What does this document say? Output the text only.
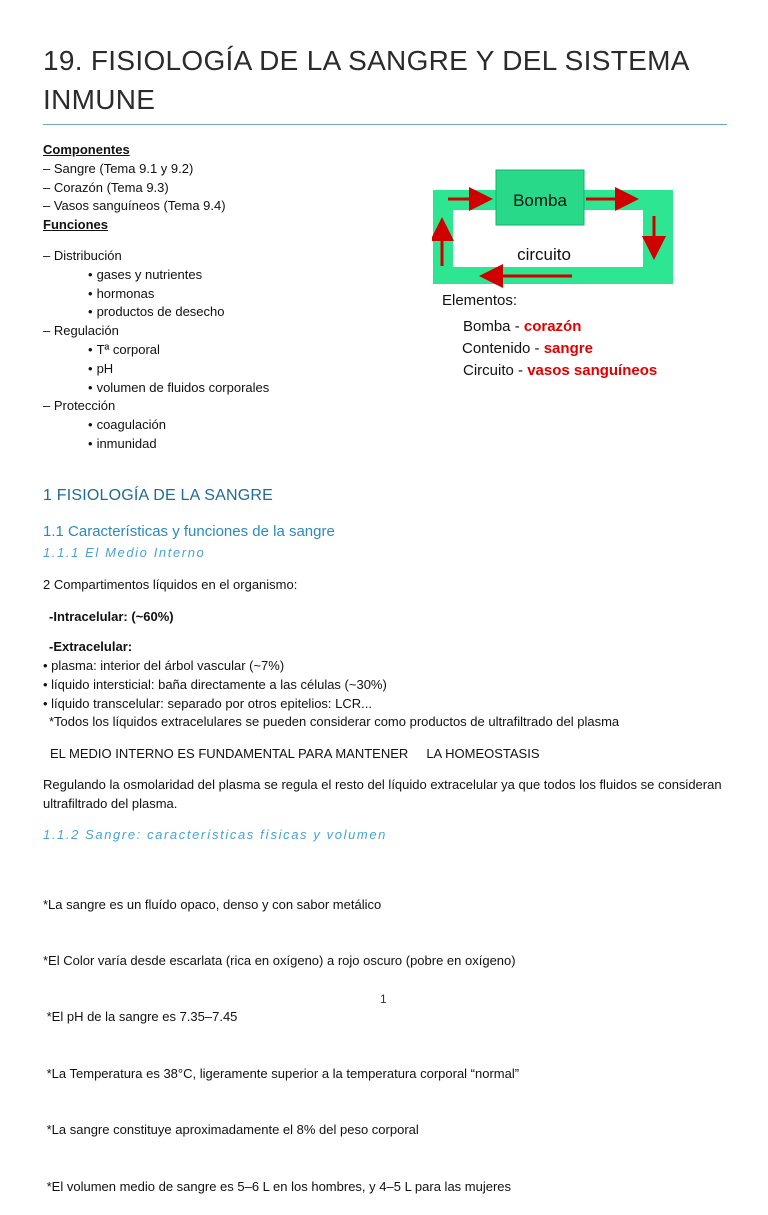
19. FISIOLOGÍA DE LA SANGRE Y DEL SISTEMA INMUNE

Componentes

– Sangre (Tema 9.1 y 9.2)

– Corazón (Tema 9.3)

– Vasos sanguíneos (Tema 9.4)

Funciones

– Distribución

• gases y nutrientes

• hormonas

• productos de desecho

– Regulación

• Tª corporal

• pH

• volumen de fluidos corporales

– Protección

• coagulación

• inmunidad

Bomba
circuito
Elementos:
Bomba - corazón
Contenido - sangre
Circuito - vasos sanguíneos
1 FISIOLOGÍA DE LA SANGRE
1.1 Características y funciones de la sangre
1.1.1 El Medio Interno

2 Compartimentos líquidos en el organismo:

-Intracelular: (~60%)

-Extracelular:

• plasma: interior del árbol vascular (~7%)

• líquido intersticial: baña directamente a las células (~30%)

• líquido transcelular: separado por otros epitelios: LCR...

*Todos los líquidos extracelulares se pueden considerar como productos de ultrafiltrado del plasma

EL MEDIO INTERNO ES FUNDAMENTAL PARA MANTENER     LA HOMEOSTASIS

Regulando la osmolaridad del plasma se regula el resto del líquido extracelular ya que todos los fluidos se consideran

ultrafiltrado del plasma.

1.1.2 Sangre: características físicas y volumen

*La sangre es un fluído opaco, denso y con sabor metálico

*El Color varía desde escarlata (rica en oxígeno) a rojo oscuro (pobre en oxígeno)

*El pH de la sangre es 7.35–7.45

*La Temperatura es 38°C, ligeramente superior a la temperatura corporal “normal”

*La sangre constituye aproximadamente el 8% del peso corporal

*El volumen medio de sangre es 5–6 L en los hombres, y 4–5 L para las mujeres

1
